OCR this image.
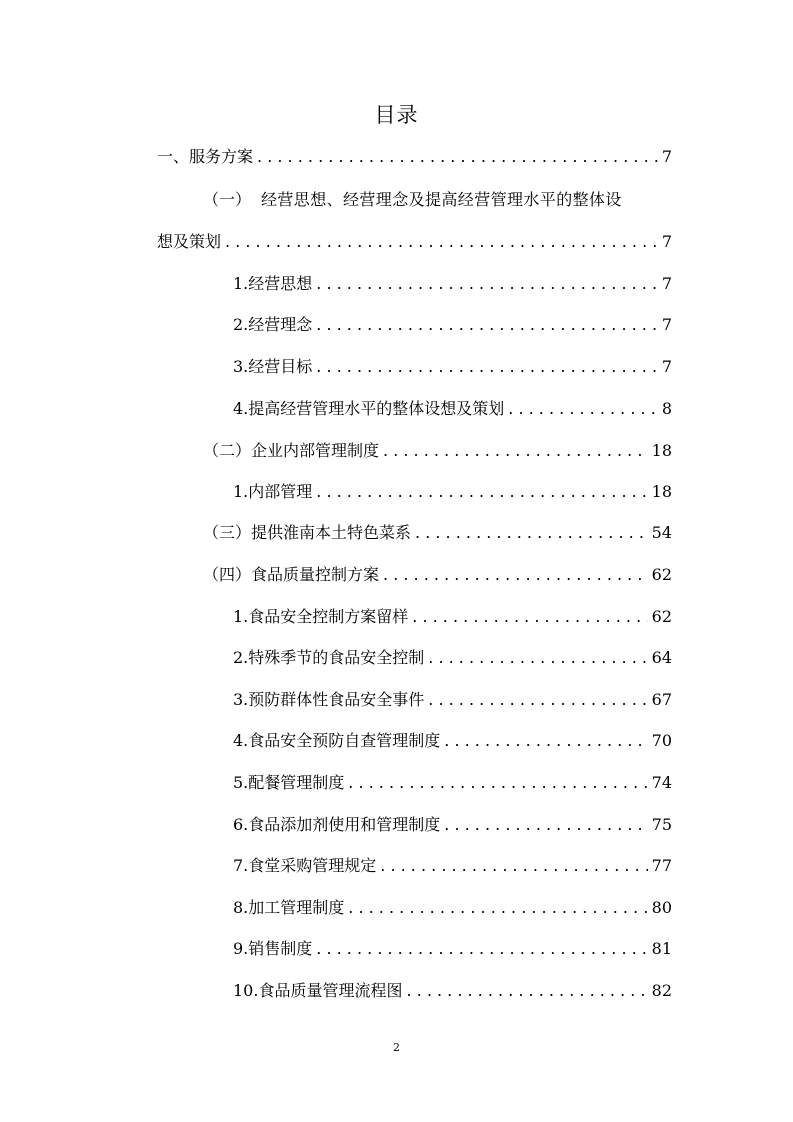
目录
一、 服务方案 . . .	7
（一） 经营思想、经营理念及提高经营管理水平的整体设
想及策划 . . .	7
1. 经营思想 . . .	7
2. 经营理念 . . .	7
3. 经营目标 . . .	7
4. 提高经营管理水平的整体设想及策划 . . .	8
（二） 企业内部管理制度 . . .	18
1. 内部管理 . . .	18
（三） 提供淮南本土特色菜系 . . .	54
（四） 食品质量控制方案 . . .	62
1. 食品安全控制方案留样 . . .	62
2. 特殊季节的食品安全控制 . . .	64
3. 预防群体性食品安全事件 . . .	67
4. 食品安全预防自查管理制度 . . .	70
5. 配餐管理制度 . . .	74
6. 食品添加剂使用和管理制度 . . .	75
7. 食堂采购管理规定 . . .	77
8. 加工管理制度 . . .	80
9. 销售制度 . . .	81
10. 食品质量管理流程图 . . .	82
2
